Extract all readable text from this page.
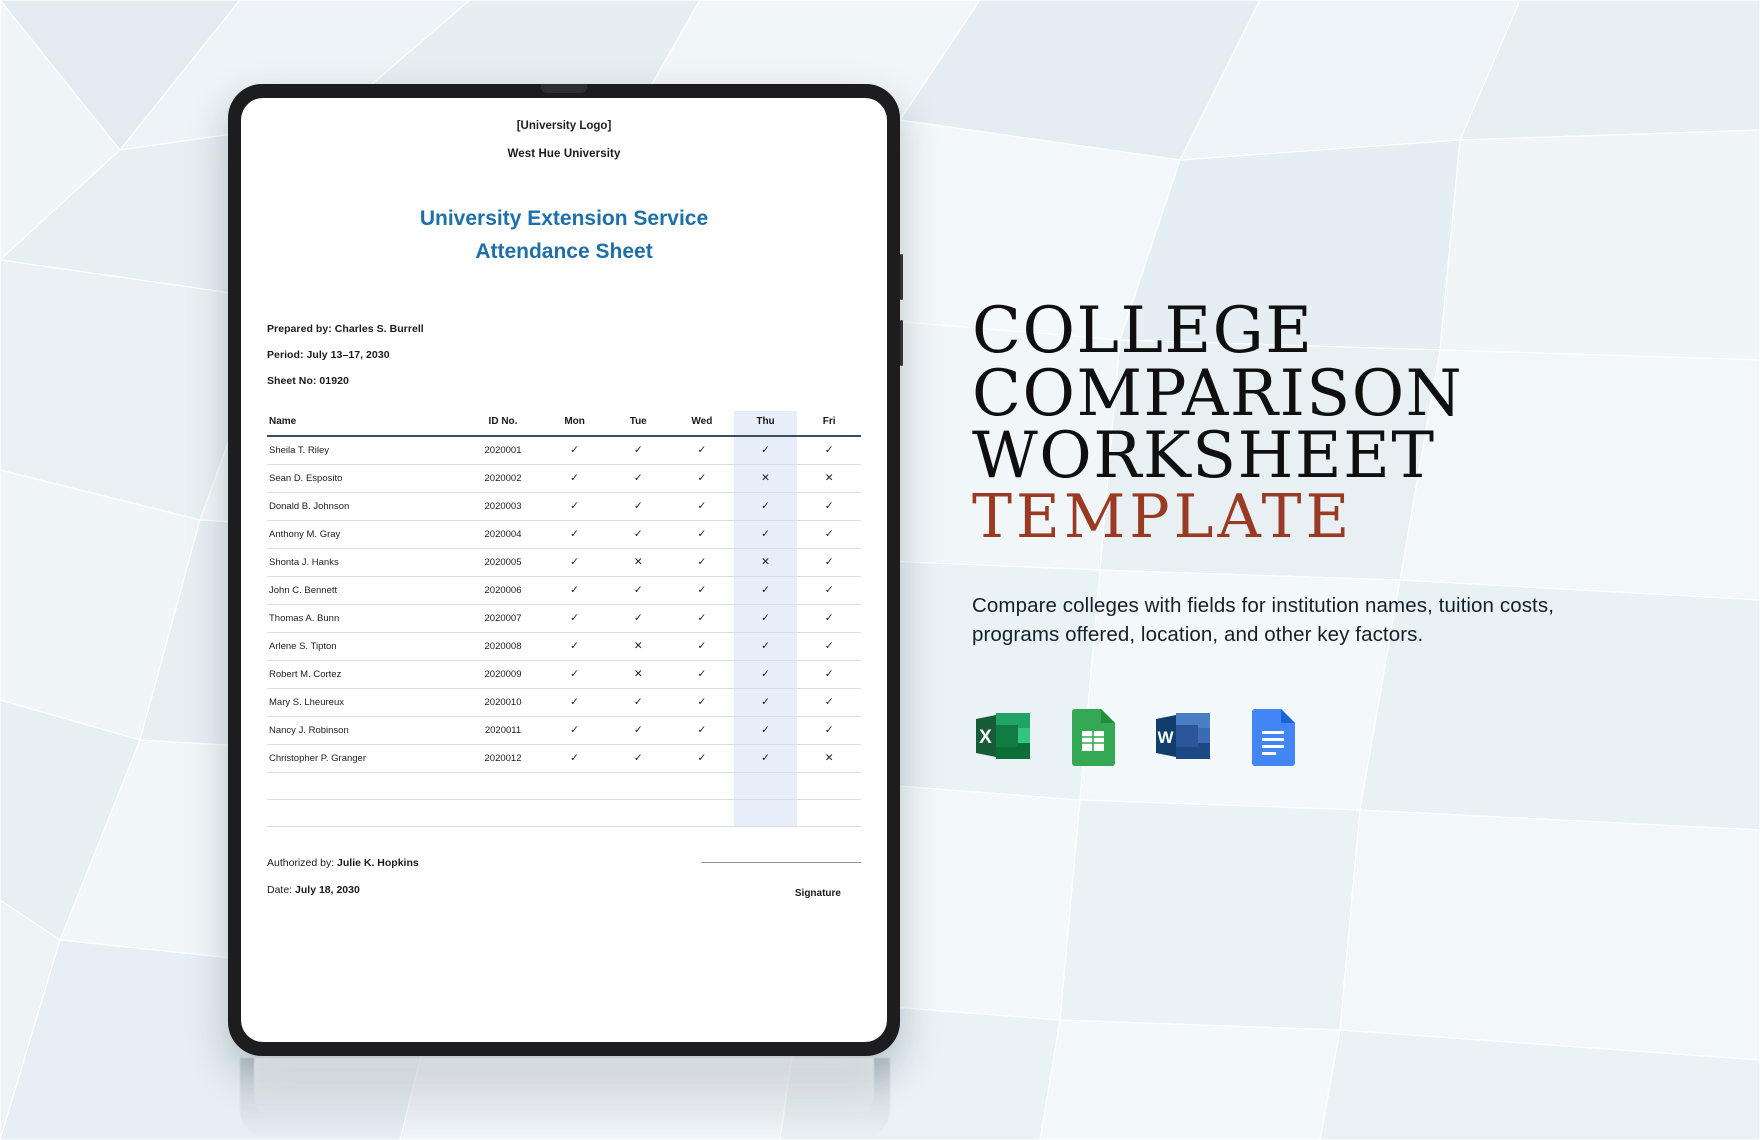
[University Logo]
West Hue University
University Extension Service
Attendance Sheet
Prepared by: Charles S. Burrell
Period: July 13–17, 2030
Sheet No: 01920
Name	ID No.	Mon	Tue	Wed	Thu	Fri
Sheila T. Riley	2020001	✓	✓	✓	✓	✓
Sean D. Esposito	2020002	✓	✓	✓	✕	✕
Donald B. Johnson	2020003	✓	✓	✓	✓	✓
Anthony M. Gray	2020004	✓	✓	✓	✓	✓
Shonta J. Hanks	2020005	✓	✕	✓	✕	✓
John C. Bennett	2020006	✓	✓	✓	✓	✓
Thomas A. Bunn	2020007	✓	✓	✓	✓	✓
Arlene S. Tipton	2020008	✓	✕	✓	✓	✓
Robert M. Cortez	2020009	✓	✕	✓	✓	✓
Mary S. Lheureux	2020010	✓	✓	✓	✓	✓
Nancy J. Robinson	2020011	✓	✓	✓	✓	✓
Christopher P. Granger	2020012	✓	✓	✓	✓	✕

Authorized by: Julie K. Hopkins
Date: July 18, 2030	Signature
COLLEGE
COMPARISON
WORKSHEET
TEMPLATE
Compare colleges with fields for institution names, tuition costs, programs offered, location, and other key factors.
X	W
